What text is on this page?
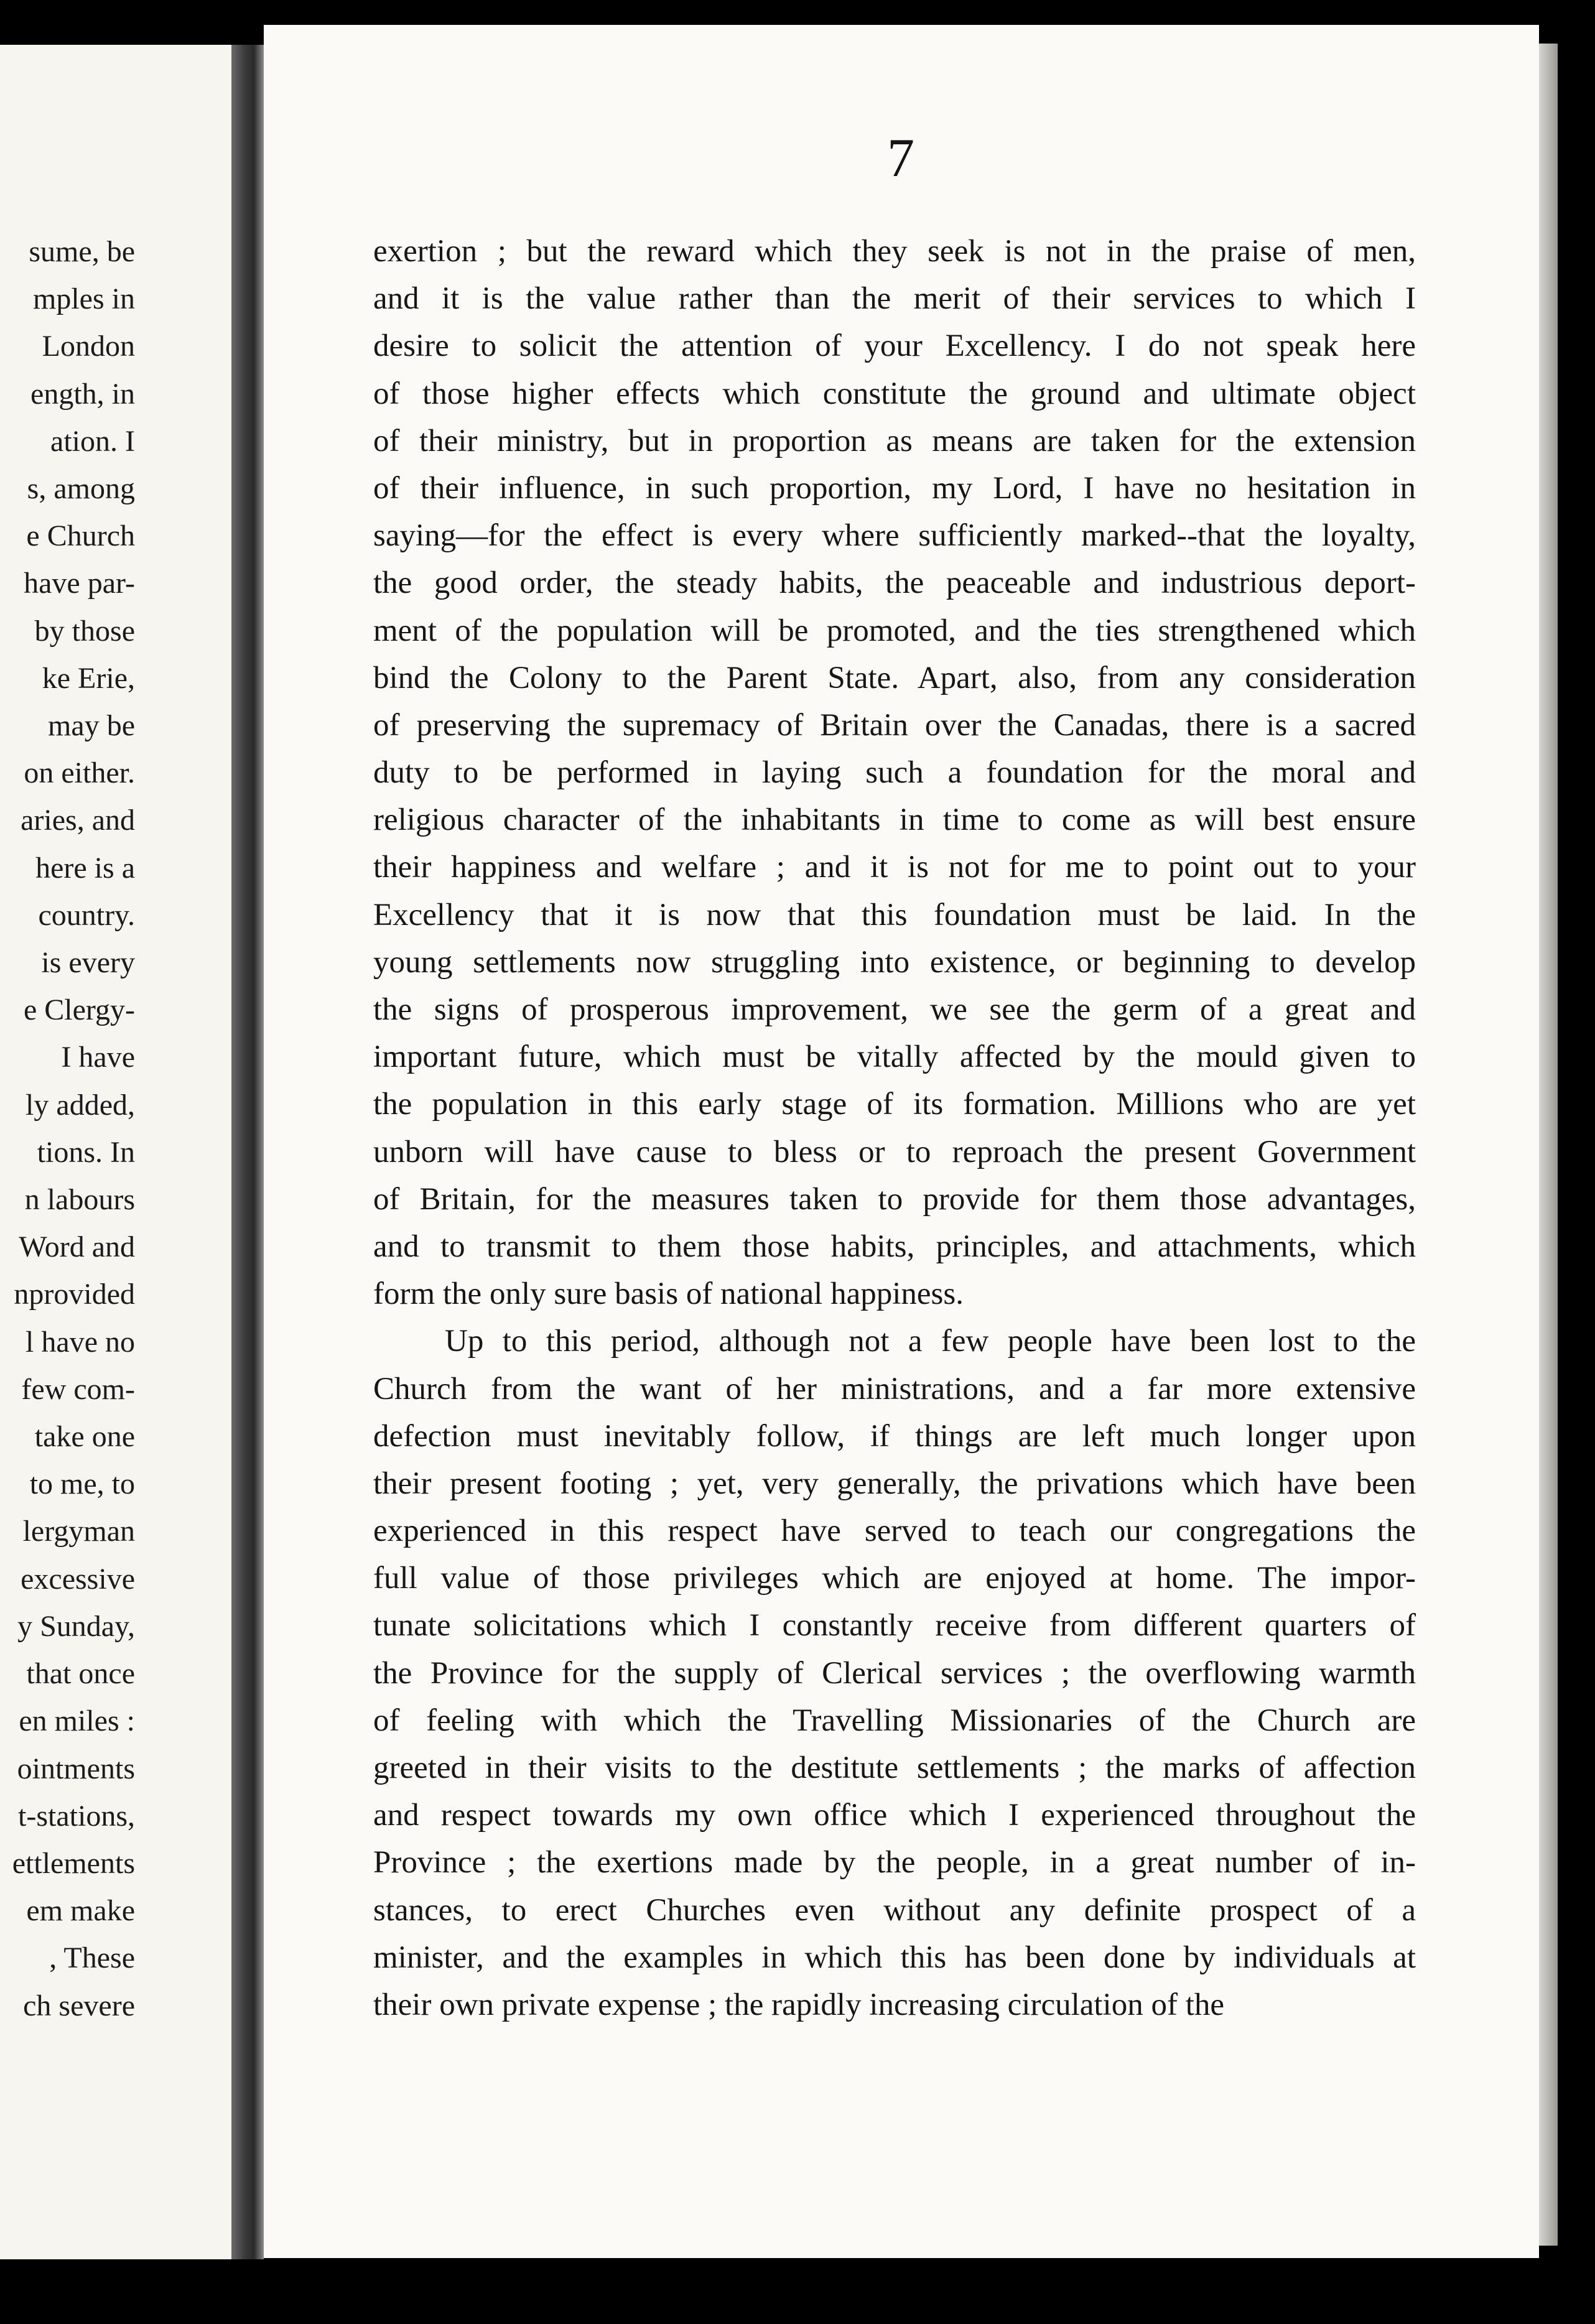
sume, be
mples in
London
ength, in
ation. I
s, among
e Church
have par-
by those
ke Erie,
may be
on either.
aries, and
here is a
country.
is every
e Clergy-
I have
ly added,
tions. In
n labours
Word and
nprovided
l have no
few com-
take one
to me, to
lergyman
excessive
y Sunday,
that once
en miles :
ointments
t-stations,
ettlements
em make
, These
ch severe
7
exertion ; but the reward which they seek is not in the praise of men,
and it is the value rather than the merit of their services to which I
desire to solicit the attention of your Excellency. I do not speak here
of those higher effects which constitute the ground and ultimate object
of their ministry, but in proportion as means are taken for the extension
of their influence, in such proportion, my Lord, I have no hesitation in
saying—for the effect is every where sufficiently marked--that the loyalty,
the good order, the steady habits, the peaceable and industrious deport-
ment of the population will be promoted, and the ties strengthened which
bind the Colony to the Parent State. Apart, also, from any consideration
of preserving the supremacy of Britain over the Canadas, there is a sacred
duty to be performed in laying such a foundation for the moral and
religious character of the inhabitants in time to come as will best ensure
their happiness and welfare ; and it is not for me to point out to your
Excellency that it is now that this foundation must be laid. In the
young settlements now struggling into existence, or beginning to develop
the signs of prosperous improvement, we see the germ of a great and
important future, which must be vitally affected by the mould given to
the population in this early stage of its formation. Millions who are yet
unborn will have cause to bless or to reproach the present Government
of Britain, for the measures taken to provide for them those advantages,
and to transmit to them those habits, principles, and attachments, which
form the only sure basis of national happiness.
Up to this period, although not a few people have been lost to the
Church from the want of her ministrations, and a far more extensive
defection must inevitably follow, if things are left much longer upon
their present footing ; yet, very generally, the privations which have been
experienced in this respect have served to teach our congregations the
full value of those privileges which are enjoyed at home. The impor-
tunate solicitations which I constantly receive from different quarters of
the Province for the supply of Clerical services ; the overflowing warmth
of feeling with which the Travelling Missionaries of the Church are
greeted in their visits to the destitute settlements ; the marks of affection
and respect towards my own office which I experienced throughout the
Province ; the exertions made by the people, in a great number of in-
stances, to erect Churches even without any definite prospect of a
minister, and the examples in which this has been done by individuals at
their own private expense ; the rapidly increasing circulation of the
